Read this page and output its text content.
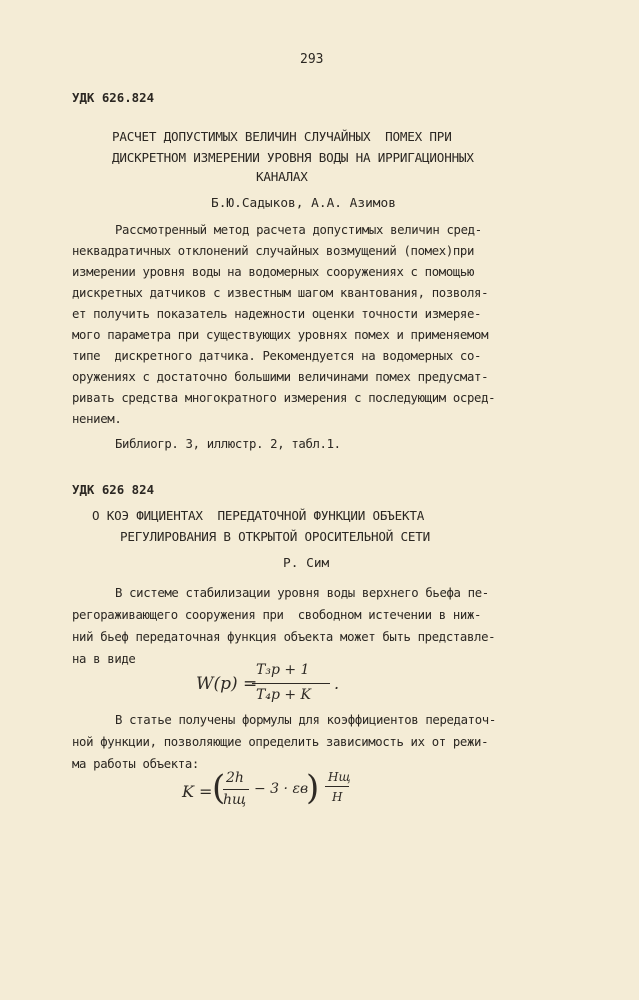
293
УДК 626.824
РАСЧЕТ ДОПУСТИМЫХ ВЕЛИЧИН СЛУЧАЙНЫХ  ПОМЕХ ПРИ
ДИСКРЕТНОМ ИЗМЕРЕНИИ УРОВНЯ ВОДЫ НА ИРРИГАЦИОННЫХ
КАНАЛАХ
Б.Ю.Садыков, А.А. Азимов
Рассмотренный метод расчета допустимых величин сред-
неквадратичных отклонений случайных возмущений (помех)при
измерении уровня воды на водомерных сооружениях с помощью
дискретных датчиков с известным шагом квантования, позволя-
ет получить показатель надежности оценки точности измеряе-
мого параметра при существующих уровнях помех и применяемом
типе  дискретного датчика. Рекомендуется на водомерных со-
оружениях с достаточно большими величинами помех предусмат-
ривать средства многократного измерения с последующим осред-
нением.
Библиогр. 3, иллюстр. 2, табл.1.
УДК 626 824
О КОЭ ФИЦИЕНТАХ  ПЕРЕДАТОЧНОЙ ФУНКЦИИ ОБЪЕКТА
РЕГУЛИРОВАНИЯ В ОТКРЫТОЙ ОРОСИТЕЛЬНОЙ СЕТИ
Р. Сим
В системе стабилизации уровня воды верхнего бьефа пе-
регораживающего сооружения при  свободном истечении в ниж-
ний бьеф передаточная функция объекта может быть представле-
на в виде
W(p) =
T₃p + 1
T₄p + K
.
В статье получены формулы для коэффициентов передаточ-
ной функции, позволяющие определить зависимость их от режи-
ма работы объекта:
K = ( 2h
hщ
− 3 · εв
) Hщ
H
